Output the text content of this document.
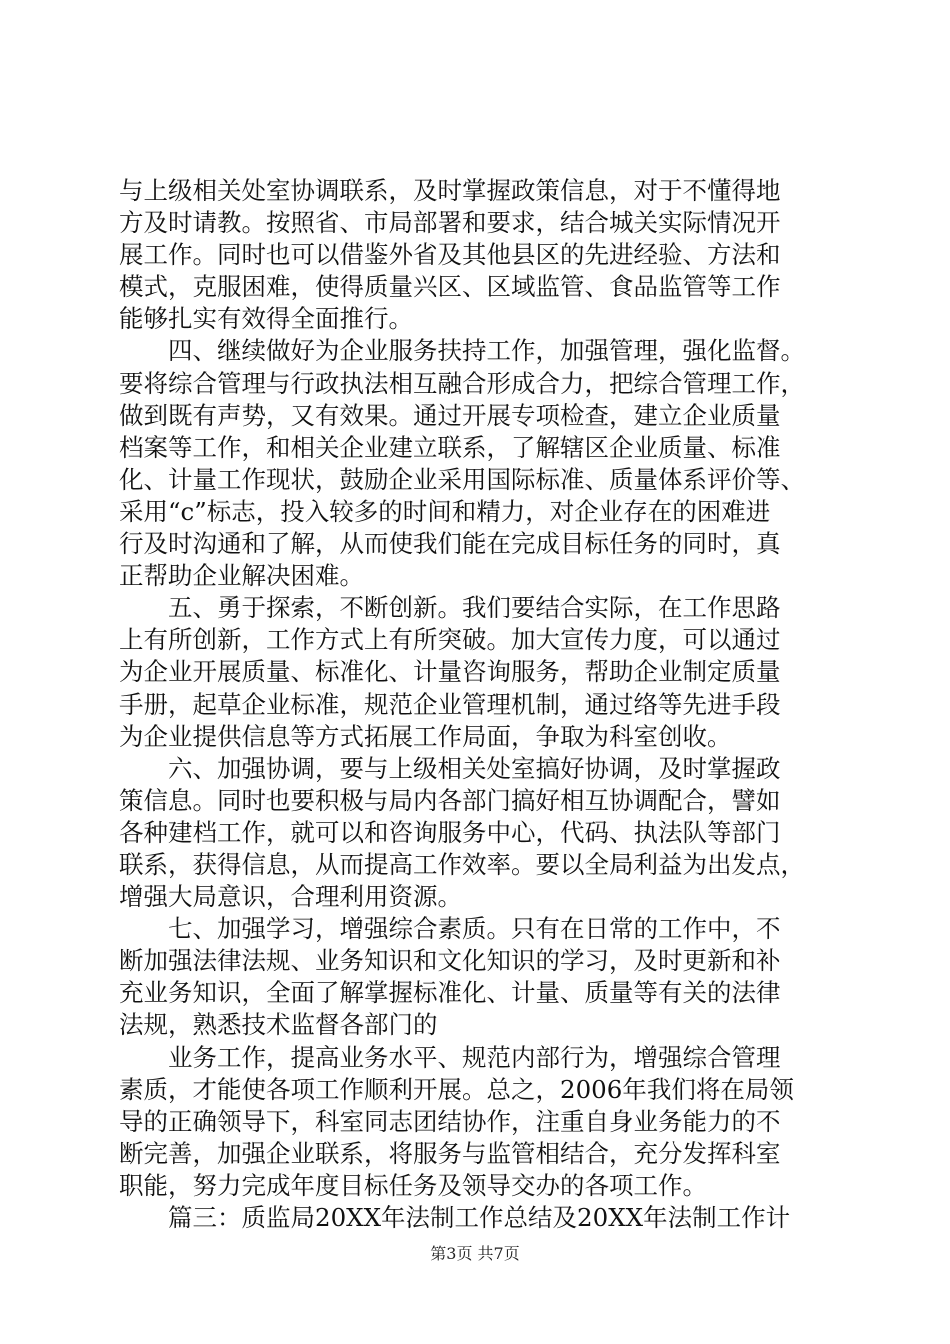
与上级相关处室协调联系，及时掌握政策信息，对于不懂得地
方及时请教。按照省、市局部署和要求，结合城关实际情况开
展工作。同时也可以借鉴外省及其他县区的先进经验、方法和
模式，克服困难，使得质量兴区、区域监管、食品监管等工作
能够扎实有效得全面推行。
　　四、继续做好为企业服务扶持工作，加强管理，强化监督。
要将综合管理与行政执法相互融合形成合力，把综合管理工作，
做到既有声势，又有效果。通过开展专项检查，建立企业质量
档案等工作，和相关企业建立联系，了解辖区企业质量、标准
化、计量工作现状，鼓励企业采用国际标准、质量体系评价等、
采用“c”标志，投入较多的时间和精力，对企业存在的困难进
行及时沟通和了解，从而使我们能在完成目标任务的同时，真
正帮助企业解决困难。
　　五、勇于探索，不断创新。我们要结合实际，在工作思路
上有所创新，工作方式上有所突破。加大宣传力度，可以通过
为企业开展质量、标准化、计量咨询服务，帮助企业制定质量
手册，起草企业标准，规范企业管理机制，通过络等先进手段
为企业提供信息等方式拓展工作局面，争取为科室创收。
　　六、加强协调，要与上级相关处室搞好协调，及时掌握政
策信息。同时也要积极与局内各部门搞好相互协调配合，譬如
各种建档工作，就可以和咨询服务中心，代码、执法队等部门
联系，获得信息，从而提高工作效率。要以全局利益为出发点，
增强大局意识，合理利用资源。
　　七、加强学习，增强综合素质。只有在日常的工作中，不
断加强法律法规、业务知识和文化知识的学习，及时更新和补
充业务知识，全面了解掌握标准化、计量、质量等有关的法律
法规，熟悉技术监督各部门的
　　业务工作，提高业务水平、规范内部行为，增强综合管理
素质，才能使各项工作顺利开展。总之，2006年我们将在局领
导的正确领导下，科室同志团结协作，注重自身业务能力的不
断完善，加强企业联系，将服务与监管相结合，充分发挥科室
职能，努力完成年度目标任务及领导交办的各项工作。
　　篇三：质监局20XX年法制工作总结及20XX年法制工作计
第3页 共7页
